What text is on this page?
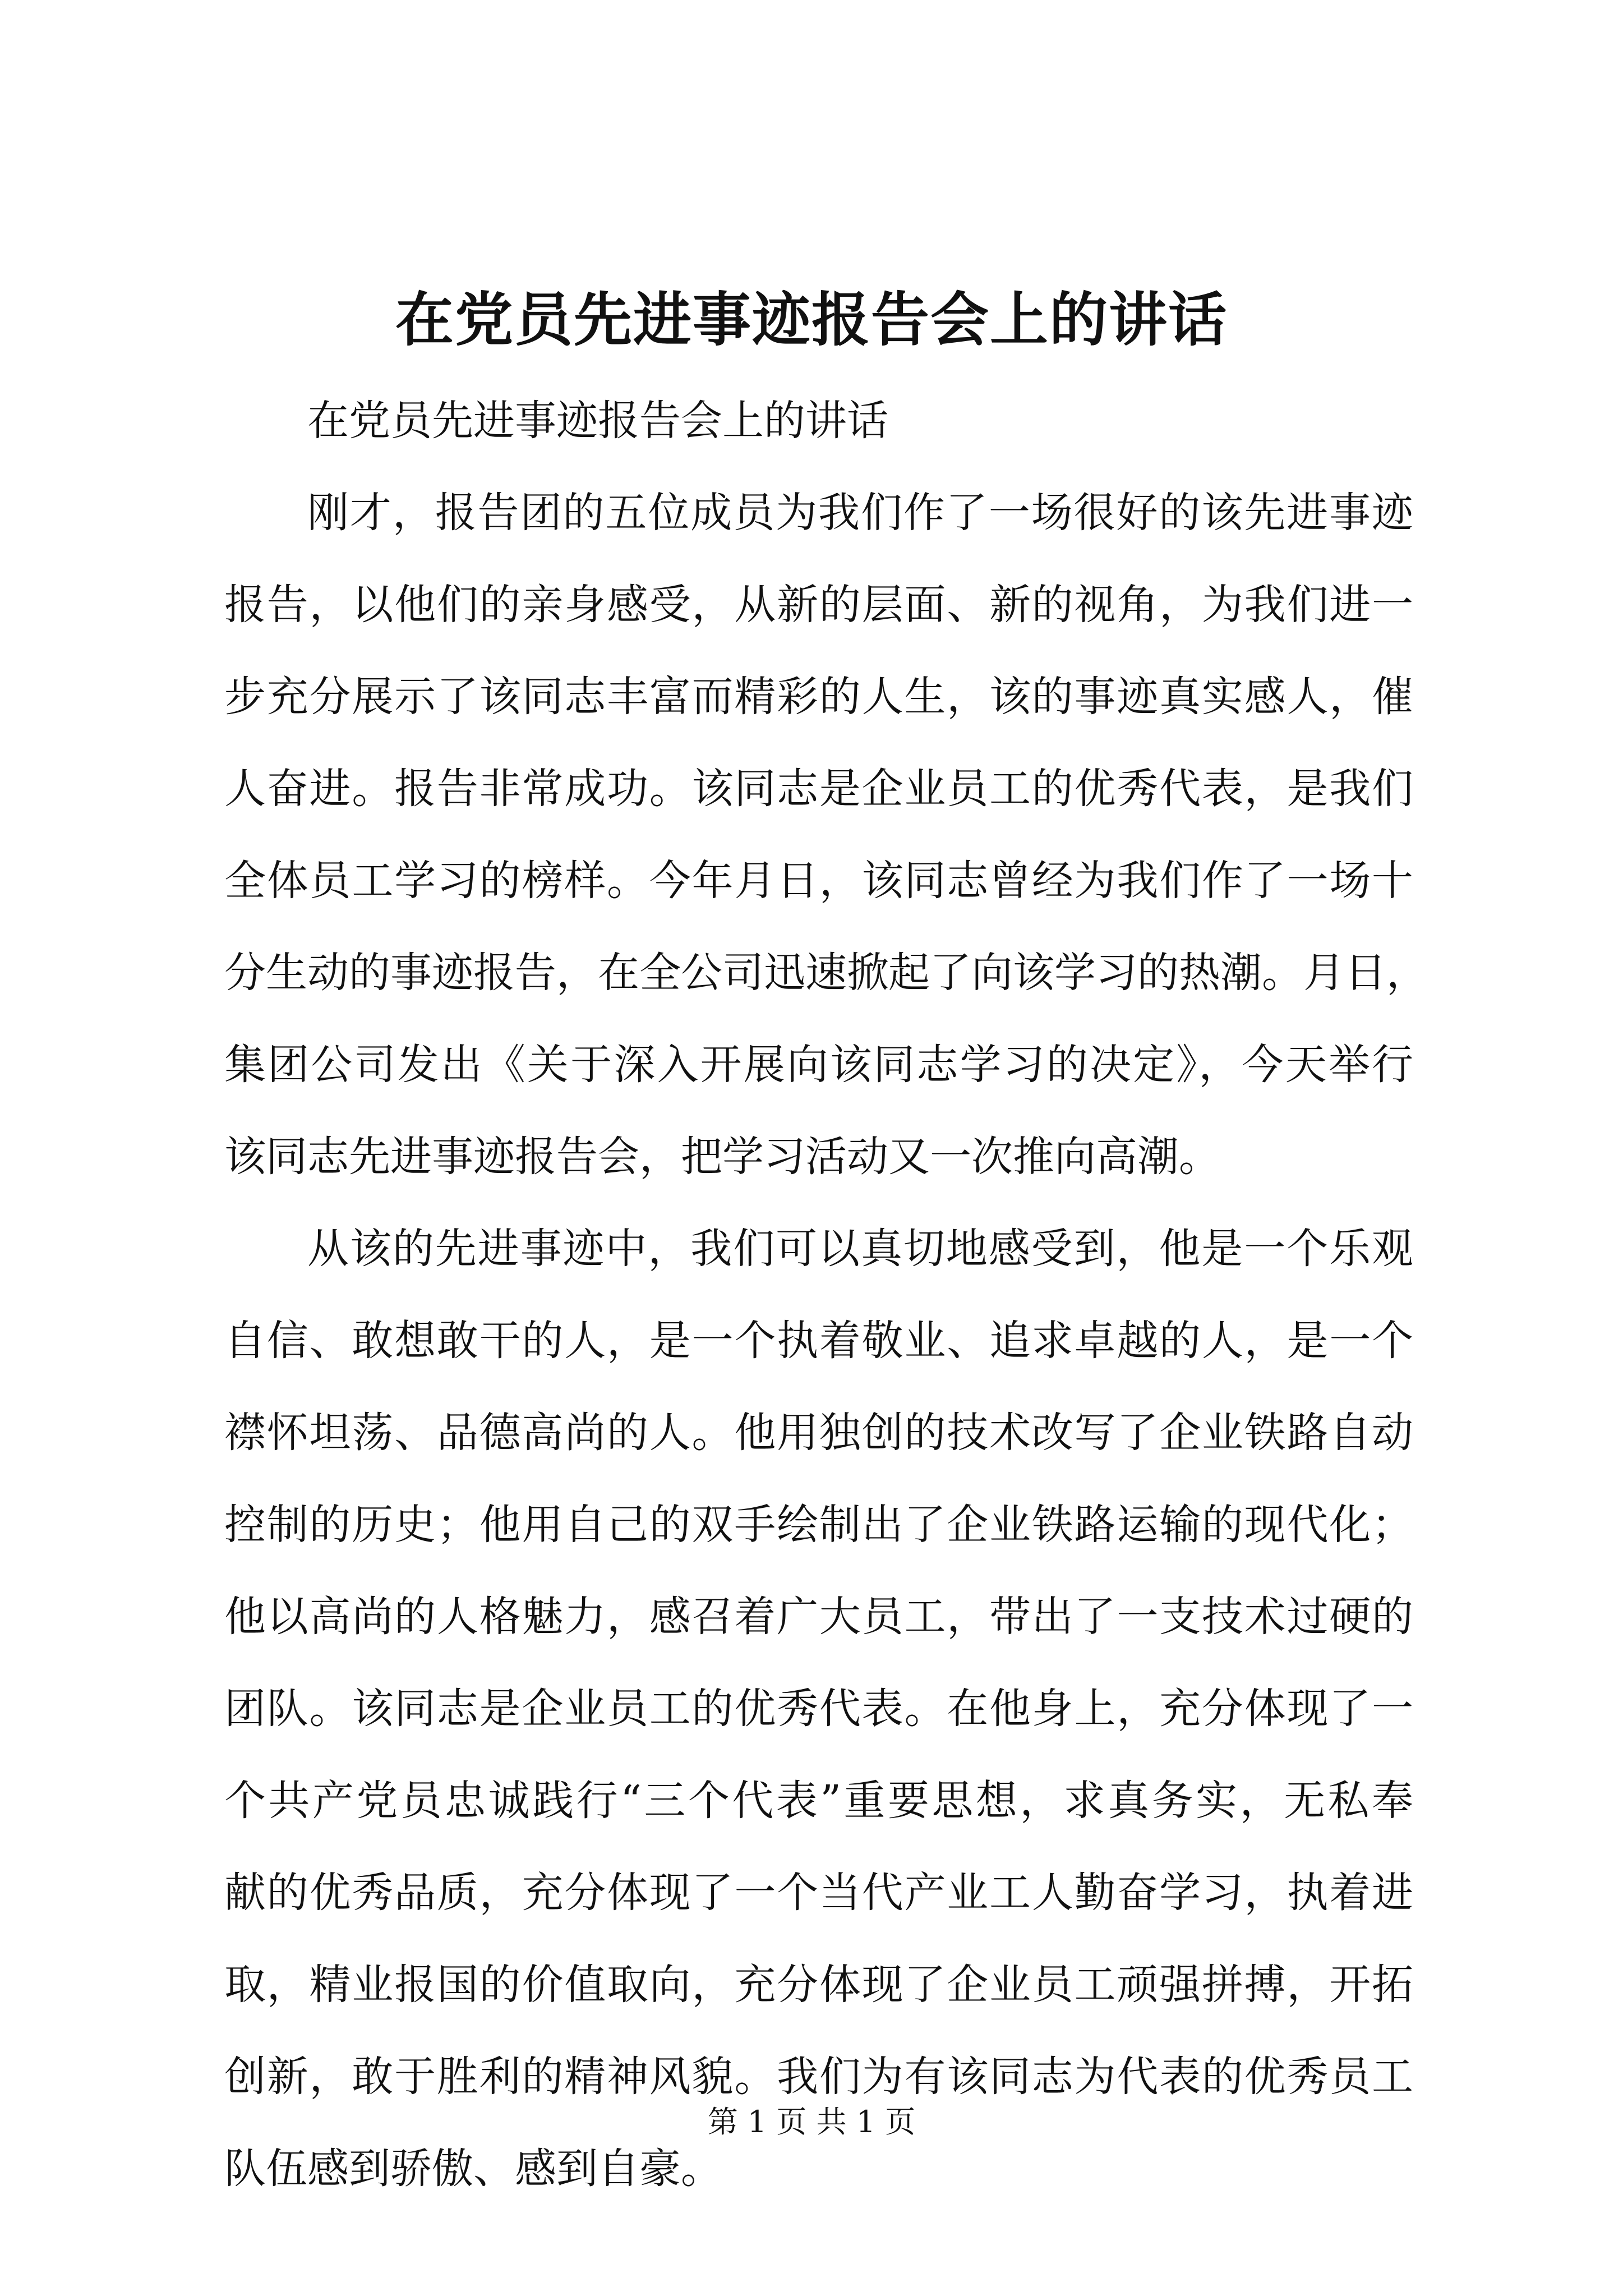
在党员先进事迹报告会上的讲话
在党员先进事迹报告会上的讲话
刚才，报告团的五位成员为我们作了一场很好的该先进事迹
报告，以他们的亲身感受，从新的层面、新的视角，为我们进一
步充分展示了该同志丰富而精彩的人生，该的事迹真实感人，催
人奋进。报告非常成功。该同志是企业员工的优秀代表，是我们
全体员工学习的榜样。今年月日，该同志曾经为我们作了一场十
分生动的事迹报告，在全公司迅速掀起了向该学习的热潮。月日，
集团公司发出《关于深入开展向该同志学习的决定》，今天举行
该同志先进事迹报告会，把学习活动又一次推向高潮。
从该的先进事迹中，我们可以真切地感受到，他是一个乐观
自信、敢想敢干的人，是一个执着敬业、追求卓越的人，是一个
襟怀坦荡、品德高尚的人。他用独创的技术改写了企业铁路自动
控制的历史；他用自己的双手绘制出了企业铁路运输的现代化；
他以高尚的人格魅力，感召着广大员工，带出了一支技术过硬的
团队。该同志是企业员工的优秀代表。在他身上，充分体现了一
个共产党员忠诚践行“三个代表”重要思想，求真务实，无私奉
献的优秀品质，充分体现了一个当代产业工人勤奋学习，执着进
取，精业报国的价值取向，充分体现了企业员工顽强拼搏，开拓
创新，敢于胜利的精神风貌。我们为有该同志为代表的优秀员工
队伍感到骄傲、感到自豪。
第 1 页 共 1 页
